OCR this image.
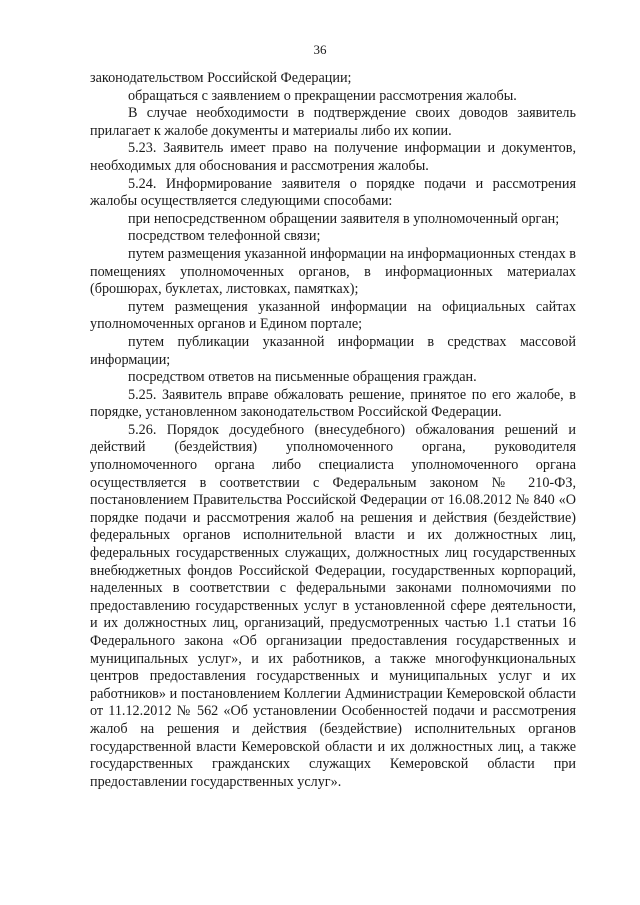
36

законодательством Российской Федерации;

обращаться с заявлением о прекращении рассмотрения жалобы.

В случае необходимости в подтверждение своих доводов заявитель прилагает к жалобе документы и материалы либо их копии.

5.23. Заявитель имеет право на получение информации и документов, необходимых для обоснования и рассмотрения жалобы.

5.24. Информирование заявителя о порядке подачи и рассмотрения жалобы осуществляется следующими способами:

при непосредственном обращении заявителя в уполномоченный орган;

посредством телефонной связи;

путем размещения указанной информации на информационных стендах в помещениях уполномоченных органов, в информационных материалах (брошюрах, буклетах, листовках, памятках);

путем размещения указанной информации на официальных сайтах уполномоченных органов и Едином портале;

путем публикации указанной информации в средствах массовой информации;

посредством ответов на письменные обращения граждан.

5.25. Заявитель вправе обжаловать решение, принятое по его жалобе, в порядке, установленном законодательством Российской Федерации.

5.26. Порядок досудебного (внесудебного) обжалования решений и действий (бездействия) уполномоченного органа, руководителя уполномоченного органа либо специалиста уполномоченного органа осуществляется в соответствии с Федеральным законом № 210-ФЗ, постановлением Правительства Российской Федерации от 16.08.2012 № 840 «О порядке подачи и рассмотрения жалоб на решения и действия (бездействие) федеральных органов исполнительной власти и их должностных лиц, федеральных государственных служащих, должностных лиц государственных внебюджетных фондов Российской Федерации, государственных корпораций, наделенных в соответствии с федеральными законами полномочиями по предоставлению государственных услуг в установленной сфере деятельности, и их должностных лиц, организаций, предусмотренных частью 1.1 статьи 16 Федерального закона «Об организации предоставления государственных и муниципальных услуг», и их работников, а также многофункциональных центров предоставления государственных и муниципальных услуг и их работников» и постановлением Коллегии Администрации Кемеровской области от 11.12.2012 № 562 «Об установлении Особенностей подачи и рассмотрения жалоб на решения и действия (бездействие) исполнительных органов государственной власти Кемеровской области и их должностных лиц, а также государственных гражданских служащих Кемеровской области при предоставлении государственных услуг».
